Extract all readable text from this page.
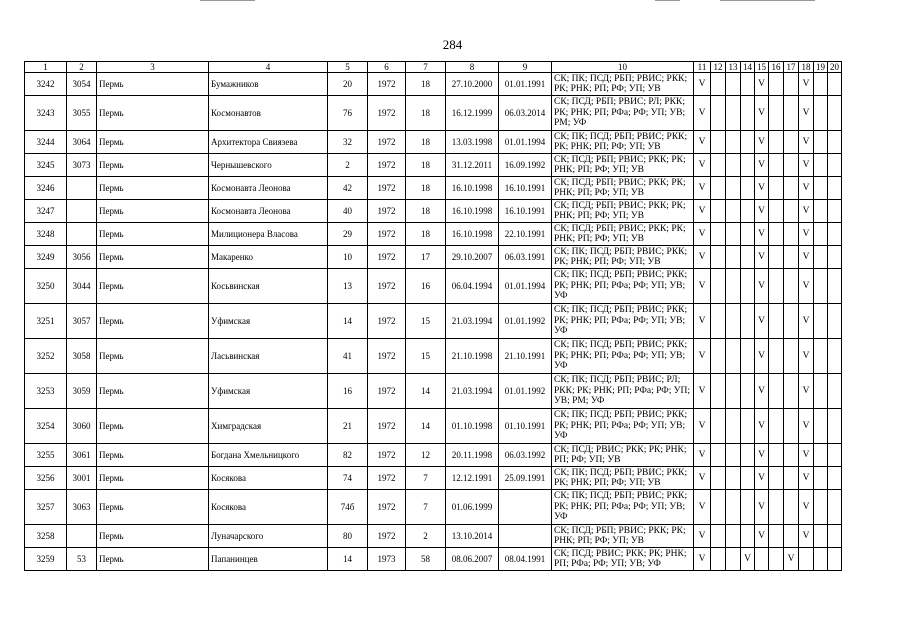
284
1	2	3	4	5	6	7	8	9	10	11	12	13	14	15	16	17	18	19	20
3242	3054	Пермь	Бумажников	20	1972	18	27.10.2000	01.01.1991	СК; ПК; ПСД; РБП; РВИС; РКК; РК; РНК; РП; РФ; УП; УВ	V				V			V		
3243	3055	Пермь	Космонавтов	76	1972	18	16.12.1999	06.03.2014	СК; ПСД; РБП; РВИС; РЛ; РКК; РК; РНК; РП; РФа; РФ; УП; УВ; РМ; УФ	V				V			V		
3244	3064	Пермь	Архитектора Свиязева	32	1972	18	13.03.1998	01.01.1994	СК; ПК; ПСД; РБП; РВИС; РКК; РК; РНК; РП; РФ; УП; УВ	V				V			V		
3245	3073	Пермь	Чернышевского	2	1972	18	31.12.2011	16.09.1992	СК; ПСД; РБП; РВИС; РКК; РК; РНК; РП; РФ; УП; УВ	V				V			V		
3246		Пермь	Космонавта Леонова	42	1972	18	16.10.1998	16.10.1991	СК; ПСД; РБП; РВИС; РКК; РК; РНК; РП; РФ; УП; УВ	V				V			V		
3247		Пермь	Космонавта Леонова	40	1972	18	16.10.1998	16.10.1991	СК; ПСД; РБП; РВИС; РКК; РК; РНК; РП; РФ; УП; УВ	V				V			V		
3248		Пермь	Милиционера Власова	29	1972	18	16.10.1998	22.10.1991	СК; ПСД; РБП; РВИС; РКК; РК; РНК; РП; РФ; УП; УВ	V				V			V		
3249	3056	Пермь	Макаренко	10	1972	17	29.10.2007	06.03.1991	СК; ПК; ПСД; РБП; РВИС; РКК; РК; РНК; РП; РФ; УП; УВ	V				V			V		
3250	3044	Пермь	Косьвинская	13	1972	16	06.04.1994	01.01.1994	СК; ПК; ПСД; РБП; РВИС; РКК; РК; РНК; РП; РФа; РФ; УП; УВ; УФ	V				V			V		
3251	3057	Пермь	Уфимская	14	1972	15	21.03.1994	01.01.1992	СК; ПК; ПСД; РБП; РВИС; РКК; РК; РНК; РП; РФа; РФ; УП; УВ; УФ	V				V			V		
3252	3058	Пермь	Ласьвинская	41	1972	15	21.10.1998	21.10.1991	СК; ПК; ПСД; РБП; РВИС; РКК; РК; РНК; РП; РФа; РФ; УП; УВ; УФ	V				V			V		
3253	3059	Пермь	Уфимская	16	1972	14	21.03.1994	01.01.1992	СК; ПК; ПСД; РБП; РВИС; РЛ; РКК; РК; РНК; РП; РФа; РФ; УП; УВ; РМ; УФ	V				V			V		
3254	3060	Пермь	Химградская	21	1972	14	01.10.1998	01.10.1991	СК; ПК; ПСД; РБП; РВИС; РКК; РК; РНК; РП; РФа; РФ; УП; УВ; УФ	V				V			V		
3255	3061	Пермь	Богдана Хмельницкого	82	1972	12	20.11.1998	06.03.1992	СК; ПСД; РВИС; РКК; РК; РНК; РП; РФ; УП; УВ	V				V			V		
3256	3001	Пермь	Косякова	74	1972	7	12.12.1991	25.09.1991	СК; ПК; ПСД; РБП; РВИС; РКК; РК; РНК; РП; РФ; УП; УВ	V				V			V		
3257	3063	Пермь	Косякова	74б	1972	7	01.06.1999		СК; ПК; ПСД; РБП; РВИС; РКК; РК; РНК; РП; РФа; РФ; УП; УВ; УФ	V				V			V		
3258		Пермь	Луначарского	80	1972	2	13.10.2014		СК; ПСД; РБП; РВИС; РКК; РК; РНК; РП; РФ; УП; УВ	V				V			V		
3259	53	Пермь	Папанинцев	14	1973	58	08.06.2007	08.04.1991	СК; ПСД; РВИС; РКК; РК; РНК; РП; РФа; РФ; УП; УВ; УФ	V			V			V			
